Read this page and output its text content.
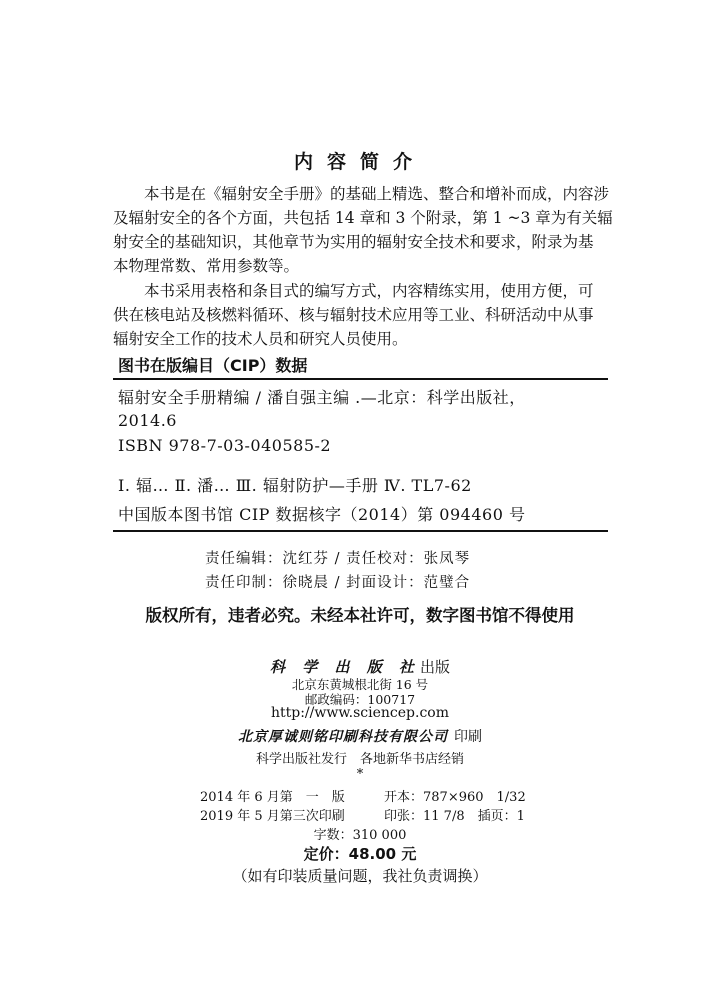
内容简介
本书是在《辐射安全手册》的基础上精选、整合和增补而成，内容涉
及辐射安全的各个方面，共包括 14 章和 3 个附录，第 1 ~3 章为有关辐
射安全的基础知识，其他章节为实用的辐射安全技术和要求，附录为基
本物理常数、常用参数等。
本书采用表格和条目式的编写方式，内容精练实用，使用方便，可
供在核电站及核燃料循环、核与辐射技术应用等工业、科研活动中从事
辐射安全工作的技术人员和研究人员使用。
图书在版编目（CIP）数据
辐射安全手册精编 / 潘自强主编 .—北京：科学出版社，
2014.6
ISBN 978-7-03-040585-2
Ⅰ. 辐… Ⅱ. 潘… Ⅲ. 辐射防护—手册 Ⅳ. TL7-62
中国版本图书馆 CIP 数据核字（2014）第 094460 号
责任编辑：沈红芬 / 责任校对：张凤琴
责任印制：徐晓晨 / 封面设计：范璧合
版权所有，违者必究。未经本社许可，数字图书馆不得使用
科 学 出 版 社出版
北京东黄城根北街 16 号
邮政编码：100717
http://www.sciencep.com
北京厚诚则铭印刷科技有限公司 印刷
科学出版社发行　各地新华书店经销
*
2014 年 6 月第　一　版	开本：787×960　1/32
2019 年 5 月第三次印刷	印张：11 7/8　插页：1
字数：310 000
定价：48.00 元
（如有印装质量问题，我社负责调换）
